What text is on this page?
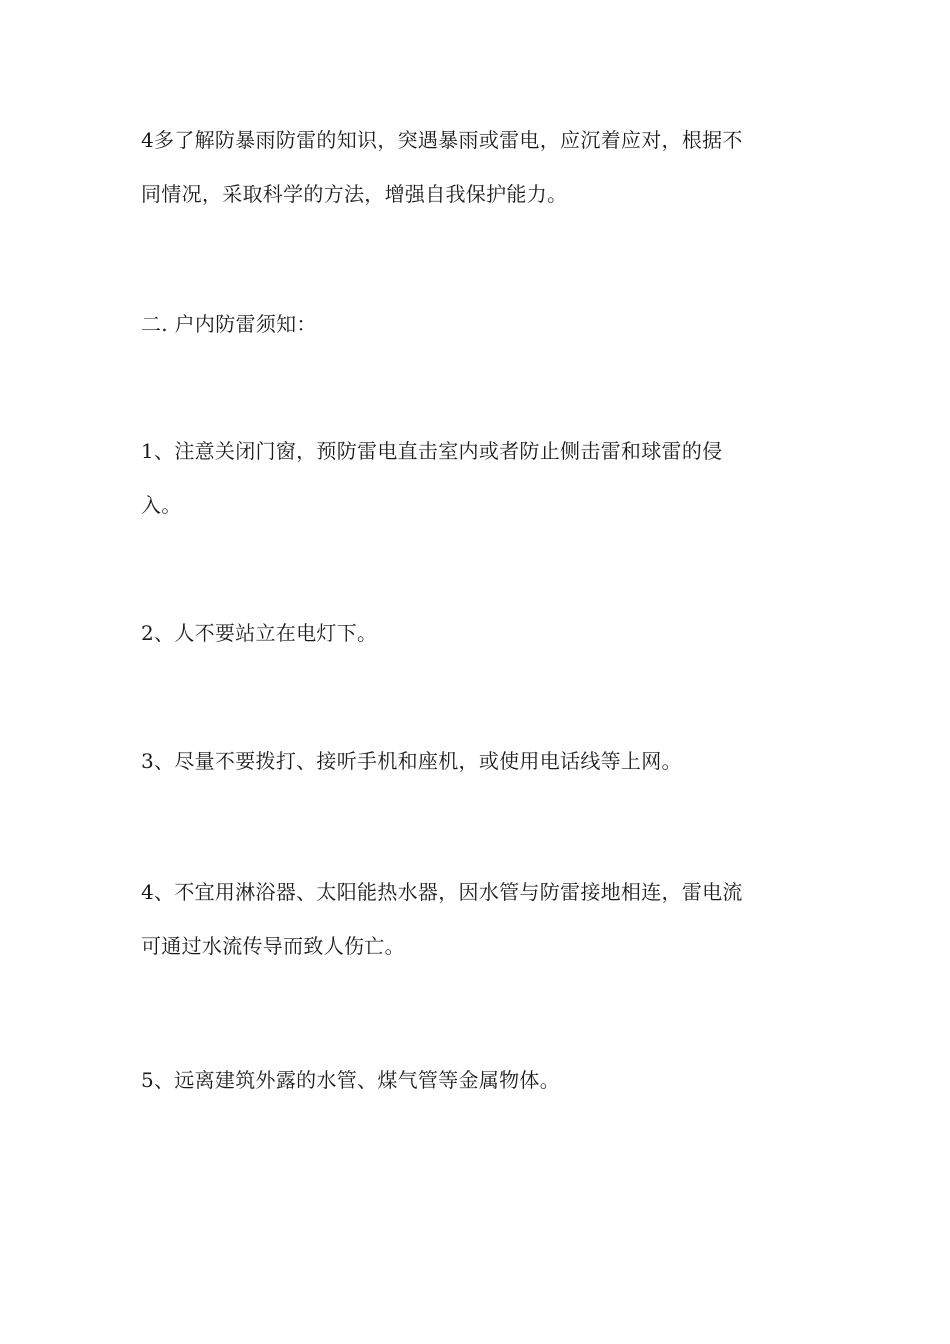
4多了解防暴雨防雷的知识，突遇暴雨或雷电，应沉着应对，根据不
同情况，采取科学的方法，增强自我保护能力。

二. 户内防雷须知：

1、注意关闭门窗，预防雷电直击室内或者防止侧击雷和球雷的侵
入。

2、人不要站立在电灯下。

3、尽量不要拨打、接听手机和座机，或使用电话线等上网。

4、不宜用淋浴器、太阳能热水器，因水管与防雷接地相连，雷电流
可通过水流传导而致人伤亡。

5、远离建筑外露的水管、煤气管等金属物体。
